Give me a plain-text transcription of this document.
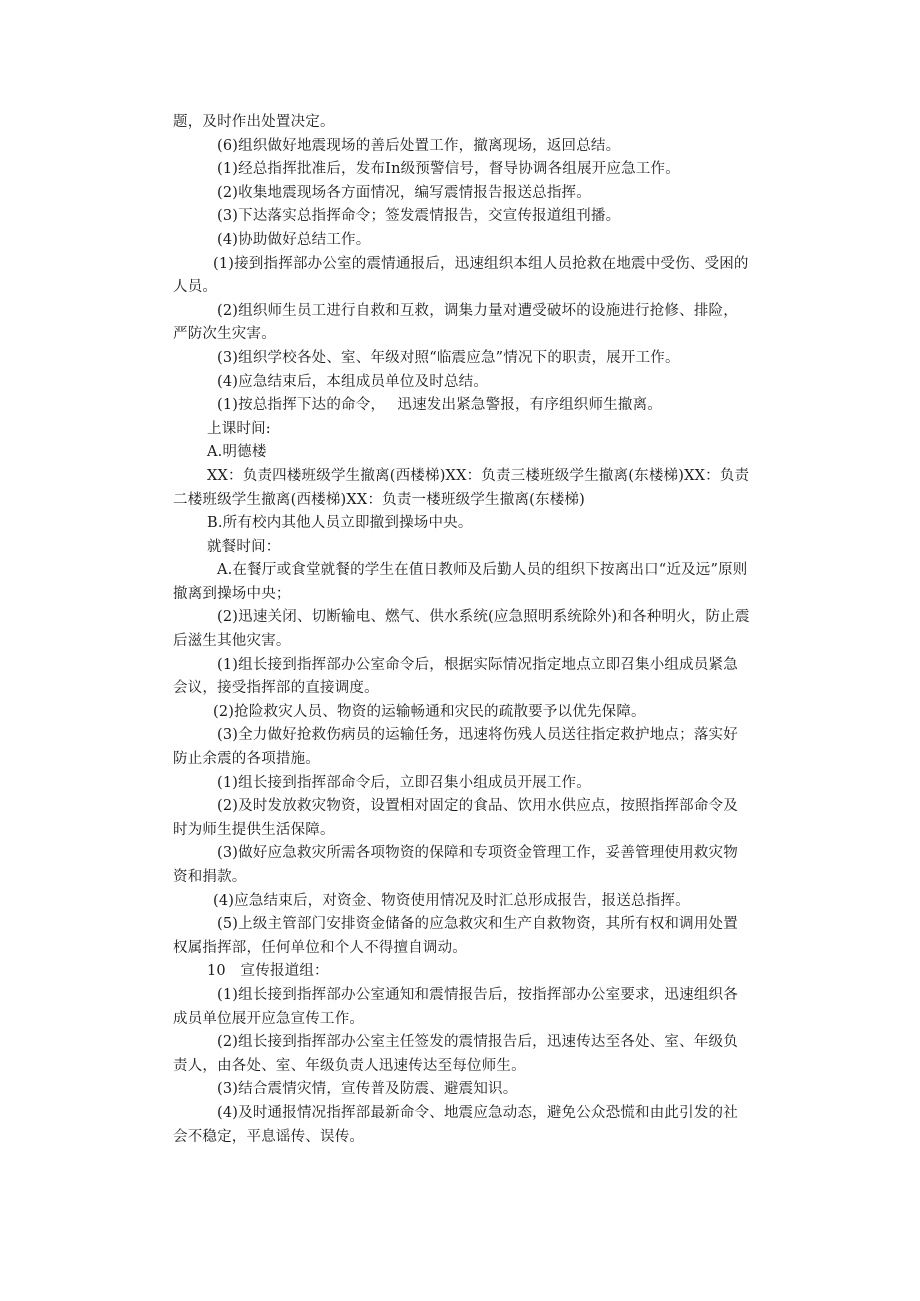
题，及时作出处置决定。

(6)组织做好地震现场的善后处置工作，撤离现场，返回总结。

(1)经总指挥批准后，发布In级预警信号，督导协调各组展开应急工作。

(2)收集地震现场各方面情况，编写震情报告报送总指挥。

(3)下达落实总指挥命令；签发震情报告，交宣传报道组刊播。

(4)协助做好总结工作。

(1)接到指挥部办公室的震情通报后，迅速组织本组人员抢救在地震中受伤、受困的人员。

(2)组织师生员工进行自救和互救，调集力量对遭受破坏的设施进行抢修、排险，严防次生灾害。

(3)组织学校各处、室、年级对照“临震应急”情况下的职责，展开工作。

(4)应急结束后，本组成员单位及时总结。

(1)按总指挥下达的命令，　 迅速发出紧急警报，有序组织师生撤离。

上课时间:

A.明德楼

XX：负责四楼班级学生撤离(西楼梯)XX：负责三楼班级学生撤离(东楼梯)XX：负责二楼班级学生撤离(西楼梯)XX：负责一楼班级学生撤离(东楼梯)

B.所有校内其他人员立即撤到操场中央。

就餐时间：

A.在餐厅或食堂就餐的学生在值日教师及后勤人员的组织下按离出口“近及远”原则撤离到操场中央；

(2)迅速关闭、切断输电、燃气、供水系统(应急照明系统除外)和各种明火，防止震后滋生其他灾害。

(1)组长接到指挥部办公室命令后，根据实际情况指定地点立即召集小组成员紧急会议，接受指挥部的直接调度。

(2)抢险救灾人员、物资的运输畅通和灾民的疏散要予以优先保障。

(3)全力做好抢救伤病员的运输任务，迅速将伤残人员送往指定救护地点；落实好防止余震的各项措施。

(1)组长接到指挥部命令后，立即召集小组成员开展工作。

(2)及时发放救灾物资，设置相对固定的食品、饮用水供应点，按照指挥部命令及时为师生提供生活保障。

(3)做好应急救灾所需各项物资的保障和专项资金管理工作，妥善管理使用救灾物资和捐款。

(4)应急结束后，对资金、物资使用情况及时汇总形成报告，报送总指挥。

(5)上级主管部门安排资金储备的应急救灾和生产自救物资，其所有权和调用处置权属指挥部，任何单位和个人不得擅自调动。

10　宣传报道组：

(1)组长接到指挥部办公室通知和震情报告后，按指挥部办公室要求，迅速组织各成员单位展开应急宣传工作。

(2)组长接到指挥部办公室主任签发的震情报告后，迅速传达至各处、室、年级负责人，由各处、室、年级负责人迅速传达至每位师生。

(3)结合震情灾情，宣传普及防震、避震知识。

(4)及时通报情况指挥部最新命令、地震应急动态，避免公众恐慌和由此引发的社会不稳定，平息谣传、误传。
